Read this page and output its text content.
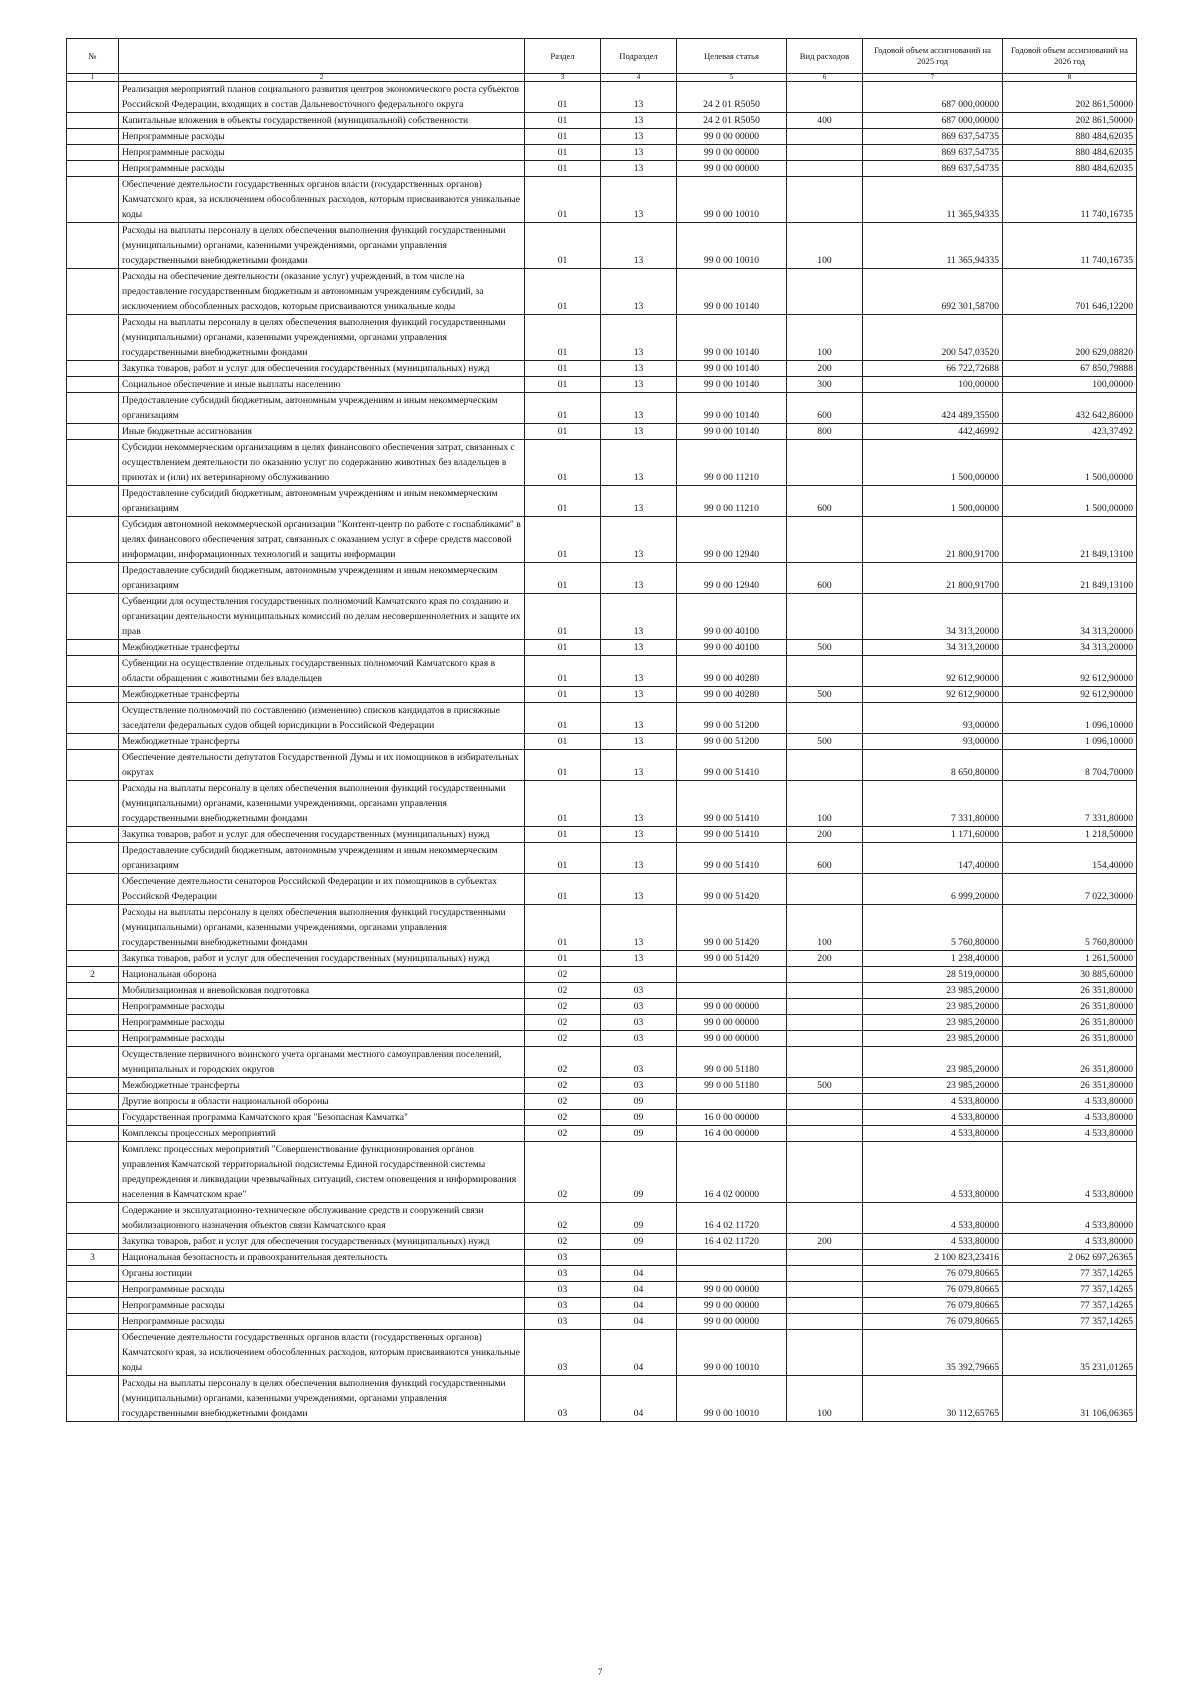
№		Раздел	Подраздел	Целевая статья	Вид расходов	Годовой объем ассигнований на 2025 год	Годовой объем ассигнований на 2026 год
1	2	3	4	5	6	7	8
	Реализация мероприятий планов социального развития центров экономического роста субъектов Российской Федерации, входящих в состав Дальневосточного федерального округа	01	13	24 2 01 R5050		687 000,00000	202 861,50000
	Капитальные вложения в объекты государственной (муниципальной) собственности	01	13	24 2 01 R5050	400	687 000,00000	202 861,50000
	Непрограммные расходы	01	13	99 0 00 00000		869 637,54735	880 484,62035
	Непрограммные расходы	01	13	99 0 00 00000		869 637,54735	880 484,62035
	Непрограммные расходы	01	13	99 0 00 00000		869 637,54735	880 484,62035
	Обеспечение деятельности государственных органов власти (государственных органов) Камчатского края, за исключением обособленных расходов, которым присваиваются уникальные коды	01	13	99 0 00 10010		11 365,94335	11 740,16735
	Расходы на выплаты персоналу в целях обеспечения выполнения функций государственными (муниципальными) органами, казенными учреждениями, органами управления государственными внебюджетными фондами	01	13	99 0 00 10010	100	11 365,94335	11 740,16735
	Расходы на обеспечение деятельности (оказание услуг) учреждений, в том числе на предоставление государственным бюджетным и автономным учреждениям субсидий, за исключением обособленных расходов, которым присваиваются уникальные коды	01	13	99 0 00 10140		692 301,58700	701 646,12200
	Расходы на выплаты персоналу в целях обеспечения выполнения функций государственными (муниципальными) органами, казенными учреждениями, органами управления государственными внебюджетными фондами	01	13	99 0 00 10140	100	200 547,03520	200 629,08820
	Закупка товаров, работ и услуг для обеспечения государственных (муниципальных) нужд	01	13	99 0 00 10140	200	66 722,72688	67 850,79888
	Социальное обеспечение и иные выплаты населению	01	13	99 0 00 10140	300	100,00000	100,00000
	Предоставление субсидий бюджетным, автономным учреждениям и иным некоммерческим организациям	01	13	99 0 00 10140	600	424 489,35500	432 642,86000
	Иные бюджетные ассигнования	01	13	99 0 00 10140	800	442,46992	423,37492
	Субсидии некоммерческим организациям в целях финансового обеспечения затрат, связанных с осуществлением деятельности по оказанию услуг по содержанию животных без владельцев в приютах и (или) их ветеринарному обслуживанию	01	13	99 0 00 11210		1 500,00000	1 500,00000
	Предоставление субсидий бюджетным, автономным учреждениям и иным некоммерческим организациям	01	13	99 0 00 11210	600	1 500,00000	1 500,00000
	Субсидия автономной некоммерческой организации "Контент-центр по работе с госпабликами" в целях финансового обеспечения затрат, связанных с оказанием услуг в сфере средств массовой информации, информационных технологий и защиты информации	01	13	99 0 00 12940		21 800,91700	21 849,13100
	Предоставление субсидий бюджетным, автономным учреждениям и иным некоммерческим организациям	01	13	99 0 00 12940	600	21 800,91700	21 849,13100
	Субвенции для осуществления государственных полномочий Камчатского края по созданию и организации деятельности муниципальных комиссий по делам несовершеннолетних и защите их прав	01	13	99 0 00 40100		34 313,20000	34 313,20000
	Межбюджетные трансферты	01	13	99 0 00 40100	500	34 313,20000	34 313,20000
	Субвенции на осуществление отдельных государственных полномочий Камчатского края в области обращения с животными без владельцев	01	13	99 0 00 40280		92 612,90000	92 612,90000
	Межбюджетные трансферты	01	13	99 0 00 40280	500	92 612,90000	92 612,90000
	Осуществление полномочий по составлению (изменению) списков кандидатов в присяжные заседатели федеральных судов общей юрисдикции в Российской Федерации	01	13	99 0 00 51200		93,00000	1 096,10000
	Межбюджетные трансферты	01	13	99 0 00 51200	500	93,00000	1 096,10000
	Обеспечение деятельности депутатов Государственной Думы и их помощников в избирательных округах	01	13	99 0 00 51410		8 650,80000	8 704,70000
	Расходы на выплаты персоналу в целях обеспечения выполнения функций государственными (муниципальными) органами, казенными учреждениями, органами управления государственными внебюджетными фондами	01	13	99 0 00 51410	100	7 331,80000	7 331,80000
	Закупка товаров, работ и услуг для обеспечения государственных (муниципальных) нужд	01	13	99 0 00 51410	200	1 171,60000	1 218,50000
	Предоставление субсидий бюджетным, автономным учреждениям и иным некоммерческим организациям	01	13	99 0 00 51410	600	147,40000	154,40000
	Обеспечение деятельности сенаторов Российской Федерации и их помощников в субъектах Российской Федерации	01	13	99 0 00 51420		6 999,20000	7 022,30000
	Расходы на выплаты персоналу в целях обеспечения выполнения функций государственными (муниципальными) органами, казенными учреждениями, органами управления государственными внебюджетными фондами	01	13	99 0 00 51420	100	5 760,80000	5 760,80000
	Закупка товаров, работ и услуг для обеспечения государственных (муниципальных) нужд	01	13	99 0 00 51420	200	1 238,40000	1 261,50000
2	Национальная оборона	02				28 519,00000	30 885,60000
	Мобилизационная и вневойсковая подготовка	02	03			23 985,20000	26 351,80000
	Непрограммные расходы	02	03	99 0 00 00000		23 985,20000	26 351,80000
	Непрограммные расходы	02	03	99 0 00 00000		23 985,20000	26 351,80000
	Непрограммные расходы	02	03	99 0 00 00000		23 985,20000	26 351,80000
	Осуществление первичного воинского учета органами местного самоуправления поселений, муниципальных и городских округов	02	03	99 0 00 51180		23 985,20000	26 351,80000
	Межбюджетные трансферты	02	03	99 0 00 51180	500	23 985,20000	26 351,80000
	Другие вопросы в области национальной обороны	02	09			4 533,80000	4 533,80000
	Государственная программа Камчатского края "Безопасная Камчатка"	02	09	16 0 00 00000		4 533,80000	4 533,80000
	Комплексы процессных мероприятий	02	09	16 4 00 00000		4 533,80000	4 533,80000
	Комплекс процессных мероприятий "Совершенствование функционирования органов управления Камчатской территориальной подсистемы Единой государственной системы предупреждения и ликвидации чрезвычайных ситуаций, систем оповещения и информирования населения в Камчатском крае"	02	09	16 4 02 00000		4 533,80000	4 533,80000
	Содержание и эксплуатационно-техническое обслуживание средств и сооружений связи мобилизационного назначения объектов связи Камчатского края	02	09	16 4 02 11720		4 533,80000	4 533,80000
	Закупка товаров, работ и услуг для обеспечения государственных (муниципальных) нужд	02	09	16 4 02 11720	200	4 533,80000	4 533,80000
3	Национальная безопасность и правоохранительная деятельность	03				2 100 823,23416	2 062 697,26365
	Органы юстиции	03	04			76 079,80665	77 357,14265
	Непрограммные расходы	03	04	99 0 00 00000		76 079,80665	77 357,14265
	Непрограммные расходы	03	04	99 0 00 00000		76 079,80665	77 357,14265
	Непрограммные расходы	03	04	99 0 00 00000		76 079,80665	77 357,14265
	Обеспечение деятельности государственных органов власти (государственных органов) Камчатского края, за исключением обособленных расходов, которым присваиваются уникальные коды	03	04	99 0 00 10010		35 392,79665	35 231,01265
	Расходы на выплаты персоналу в целях обеспечения выполнения функций государственными (муниципальными) органами, казенными учреждениями, органами управления государственными внебюджетными фондами	03	04	99 0 00 10010	100	30 112,65765	31 106,06365
7
